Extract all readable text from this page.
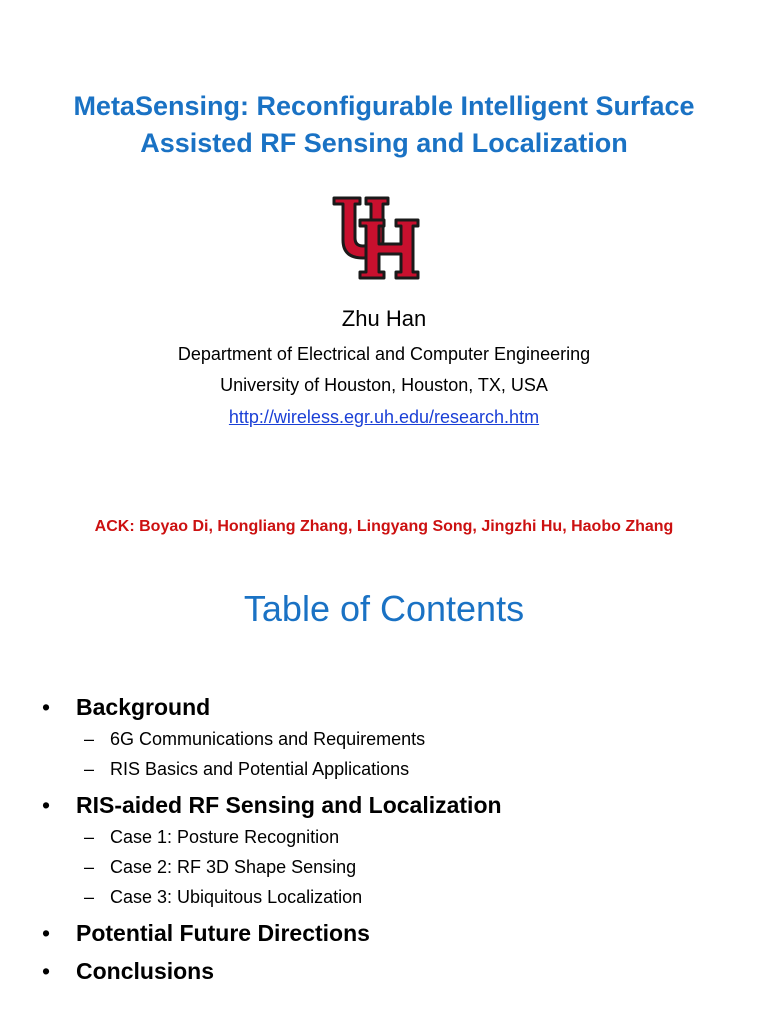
MetaSensing: Reconfigurable Intelligent Surface
Assisted RF Sensing and Localization
Zhu Han
Department of Electrical and Computer Engineering
University of Houston, Houston, TX, USA
http://wireless.egr.uh.edu/research.htm
ACK: Boyao Di, Hongliang Zhang, Lingyang Song, Jingzhi Hu, Haobo Zhang
Table of Contents
• Background
– 6G Communications and Requirements
– RIS Basics and Potential Applications
• RIS-aided RF Sensing and Localization
– Case 1: Posture Recognition
– Case 2: RF 3D Shape Sensing
– Case 3: Ubiquitous Localization
• Potential Future Directions
• Conclusions
